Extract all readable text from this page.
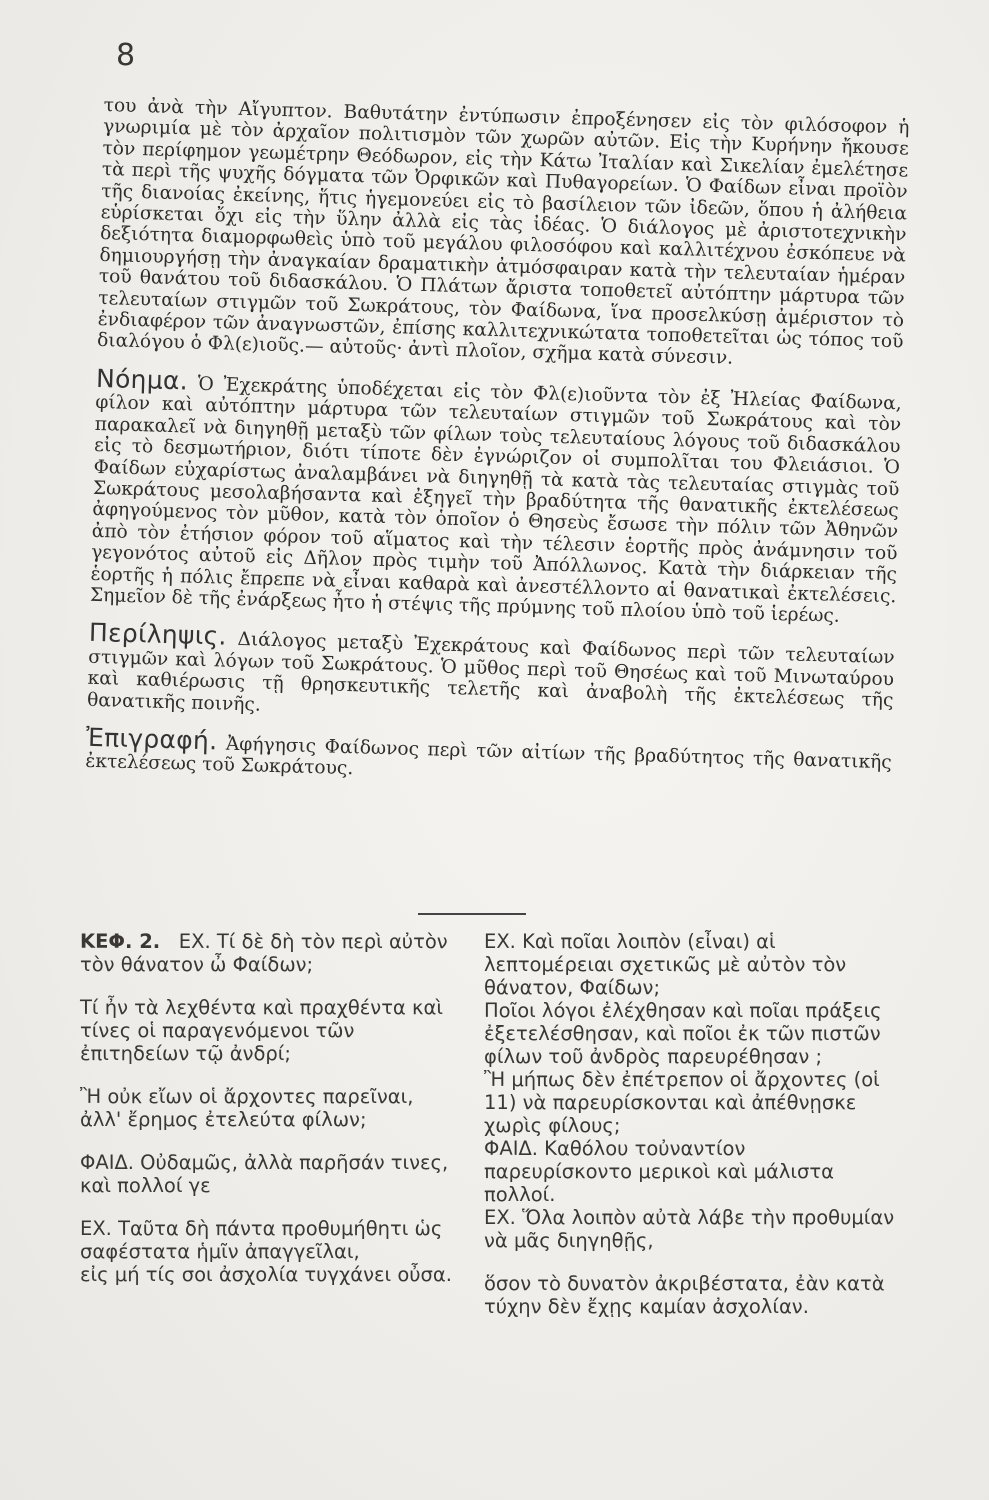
8

του ἀνὰ τὴν Αἴγυπτον. Βαθυτάτην ἐντύπωσιν ἐπροξένησεν εἰς τὸν φιλόσοφον ἡ γνωριμία μὲ τὸν ἀρχαῖον πολιτισμὸν τῶν χωρῶν αὐτῶν. Εἰς τὴν Κυρήνην ἤκουσε τὸν περίφημον γεωμέτρην Θεόδωρον, εἰς τὴν Κάτω Ἰταλίαν καὶ Σικελίαν ἐμελέτησε τὰ περὶ τῆς ψυχῆς δόγματα τῶν Ὀρφικῶν καὶ Πυθαγορείων. Ὁ Φαίδων εἶναι προϊὸν τῆς διανοίας ἐκείνης, ἥτις ἡγεμονεύει εἰς τὸ βασίλειον τῶν ἰδεῶν, ὅπου ἡ ἀλήθεια εὑρίσκεται ὄχι εἰς τὴν ὕλην ἀλλὰ εἰς τὰς ἰδέας. Ὁ διάλογος μὲ ἀριστοτεχνικὴν δεξιότητα διαμορφωθεὶς ὑπὸ τοῦ μεγάλου φιλοσόφου καὶ καλλιτέχνου ἐσκόπευε νὰ δημιουργήσῃ τὴν ἀναγκαίαν δραματικὴν ἀτμόσφαιραν κατὰ τὴν τελευταίαν ἡμέραν τοῦ θανάτου τοῦ διδασκάλου. Ὁ Πλάτων ἄριστα τοποθετεῖ αὐτόπτην μάρτυρα τῶν τελευταίων στιγμῶν τοῦ Σωκράτους, τὸν Φαίδωνα, ἵνα προσελκύσῃ ἀμέριστον τὸ ἐνδιαφέρον τῶν ἀναγνωστῶν, ἐπίσης καλλιτεχνικώτατα τοποθετεῖται ὡς τόπος τοῦ διαλόγου ὁ Φλ(ε)ιοῦς.— αὐτοῦς· ἀντὶ πλοῖον, σχῆμα κατὰ σύνεσιν.

Νόημα. Ὁ Ἐχεκράτης ὑποδέχεται εἰς τὸν Φλ(ε)ιοῦντα τὸν ἐξ Ἠλείας Φαίδωνα, φίλον καὶ αὐτόπτην μάρτυρα τῶν τελευταίων στιγμῶν τοῦ Σωκράτους καὶ τὸν παρακαλεῖ νὰ διηγηθῇ μεταξὺ τῶν φίλων τοὺς τελευταίους λόγους τοῦ διδασκάλου εἰς τὸ δεσμωτήριον, διότι τίποτε δὲν ἐγνώριζον οἱ συμπολῖται του Φλειάσιοι. Ὁ Φαίδων εὐχαρίστως ἀναλαμβάνει νὰ διηγηθῇ τὰ κατὰ τὰς τελευταίας στιγμὰς τοῦ Σωκράτους μεσολαβήσαντα καὶ ἐξηγεῖ τὴν βραδύτητα τῆς θανατικῆς ἐκτελέσεως ἀφηγούμενος τὸν μῦθον, κατὰ τὸν ὁποῖον ὁ Θησεὺς ἔσωσε τὴν πόλιν τῶν Ἀθηνῶν ἀπὸ τὸν ἐτήσιον φόρον τοῦ αἵματος καὶ τὴν τέλεσιν ἑορτῆς πρὸς ἀνάμνησιν τοῦ γεγονότος αὐτοῦ εἰς Δῆλον πρὸς τιμὴν τοῦ Ἀπόλλωνος. Κατὰ τὴν διάρκειαν τῆς ἑορτῆς ἡ πόλις ἔπρεπε νὰ εἶναι καθαρὰ καὶ ἀνεστέλλοντο αἱ θανατικαὶ ἐκτελέσεις. Σημεῖον δὲ τῆς ἐνάρξεως ἦτο ἡ στέψις τῆς πρύμνης τοῦ πλοίου ὑπὸ τοῦ ἱερέως.

Περίληψις. Διάλογος μεταξὺ Ἐχεκράτους καὶ Φαίδωνος περὶ τῶν τελευταίων στιγμῶν καὶ λόγων τοῦ Σωκράτους. Ὁ μῦθος περὶ τοῦ Θησέως καὶ τοῦ Μινωταύρου καὶ καθιέρωσις τῇ θρησκευτικῆς τελετῆς καὶ ἀναβολὴ τῆς ἐκτελέσεως τῆς θανατικῆς ποινῆς.

Ἐπιγραφή. Ἀφήγησις Φαίδωνος περὶ τῶν αἰτίων τῆς βραδύτητος τῆς θανατικῆς ἐκτελέσεως τοῦ Σωκράτους.

ΚΕΦ. 2. ΕΧ. Τί δὲ δὴ τὸν περὶ αὐτὸν τὸν θάνατον ὦ Φαίδων;

Τί ἦν τὰ λεχθέντα καὶ πραχθέντα καὶ τίνες οἱ παραγενόμενοι τῶν ἐπιτηδείων τῷ ἀνδρί;

Ἢ οὐκ εἴων οἱ ἄρχοντες παρεῖναι, ἀλλ' ἔρημος ἐτελεύτα φίλων;

ΦΑΙΔ. Οὐδαμῶς, ἀλλὰ παρῆσάν τινες, καὶ πολλοί γε

ΕΧ. Ταῦτα δὴ πάντα προθυμήθητι ὡς σαφέστατα ἡμῖν ἀπαγγεῖλαι,

εἰς μή τίς σοι ἀσχολία τυγχάνει οὖσα.

ΕΧ. Καὶ ποῖαι λοιπὸν (εἶναι) αἱ λεπτομέρειαι σχετικῶς μὲ αὐτὸν τὸν θάνατον, Φαίδων;

Ποῖοι λόγοι ἐλέχθησαν καὶ ποῖαι πράξεις ἐξετελέσθησαν, καὶ ποῖοι ἐκ τῶν πιστῶν φίλων τοῦ ἀνδρὸς παρευρέθησαν ;

Ἢ μήπως δὲν ἐπέτρεπον οἱ ἄρχοντες (οἱ 11) νὰ παρευρίσκονται καὶ ἀπέθνῃσκε χωρὶς φίλους;

ΦΑΙΔ. Καθόλου τοὐναντίον παρευρίσκοντο μερικοὶ καὶ μάλιστα πολλοί.

ΕΧ. Ὅλα λοιπὸν αὐτὰ λάβε τὴν προθυμίαν νὰ μᾶς διηγηθῇς,

ὅσον τὸ δυνατὸν ἀκριβέστατα, ἐὰν κατὰ τύχην δὲν ἔχῃς καμίαν ἀσχολίαν.
